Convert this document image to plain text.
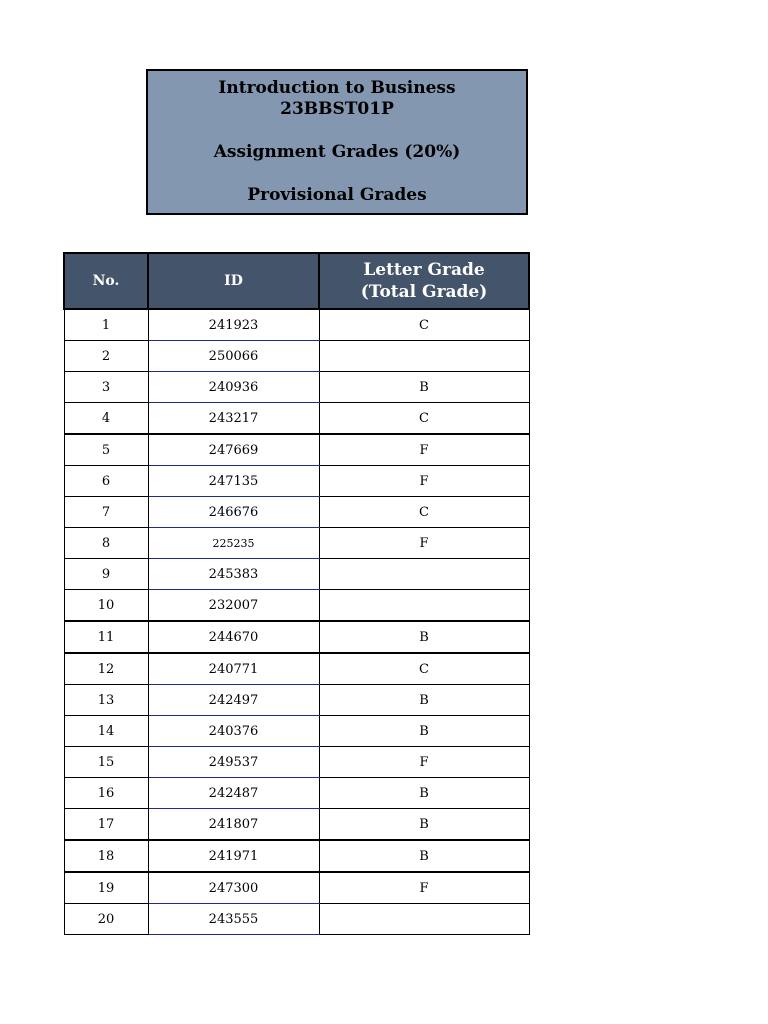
Introduction to Business
23BBST01P
Assignment Grades (20%)
Provisional Grades
No.	ID	Letter Grade
(Total Grade)

1	241923	C
2	250066	
3	240936	B
4	243217	C
5	247669	F
6	247135	F
7	246676	C
8	225235	F
9	245383	
10	232007	
11	244670	B
12	240771	C
13	242497	B
14	240376	B
15	249537	F
16	242487	B
17	241807	B
18	241971	B
19	247300	F
20	243555	
